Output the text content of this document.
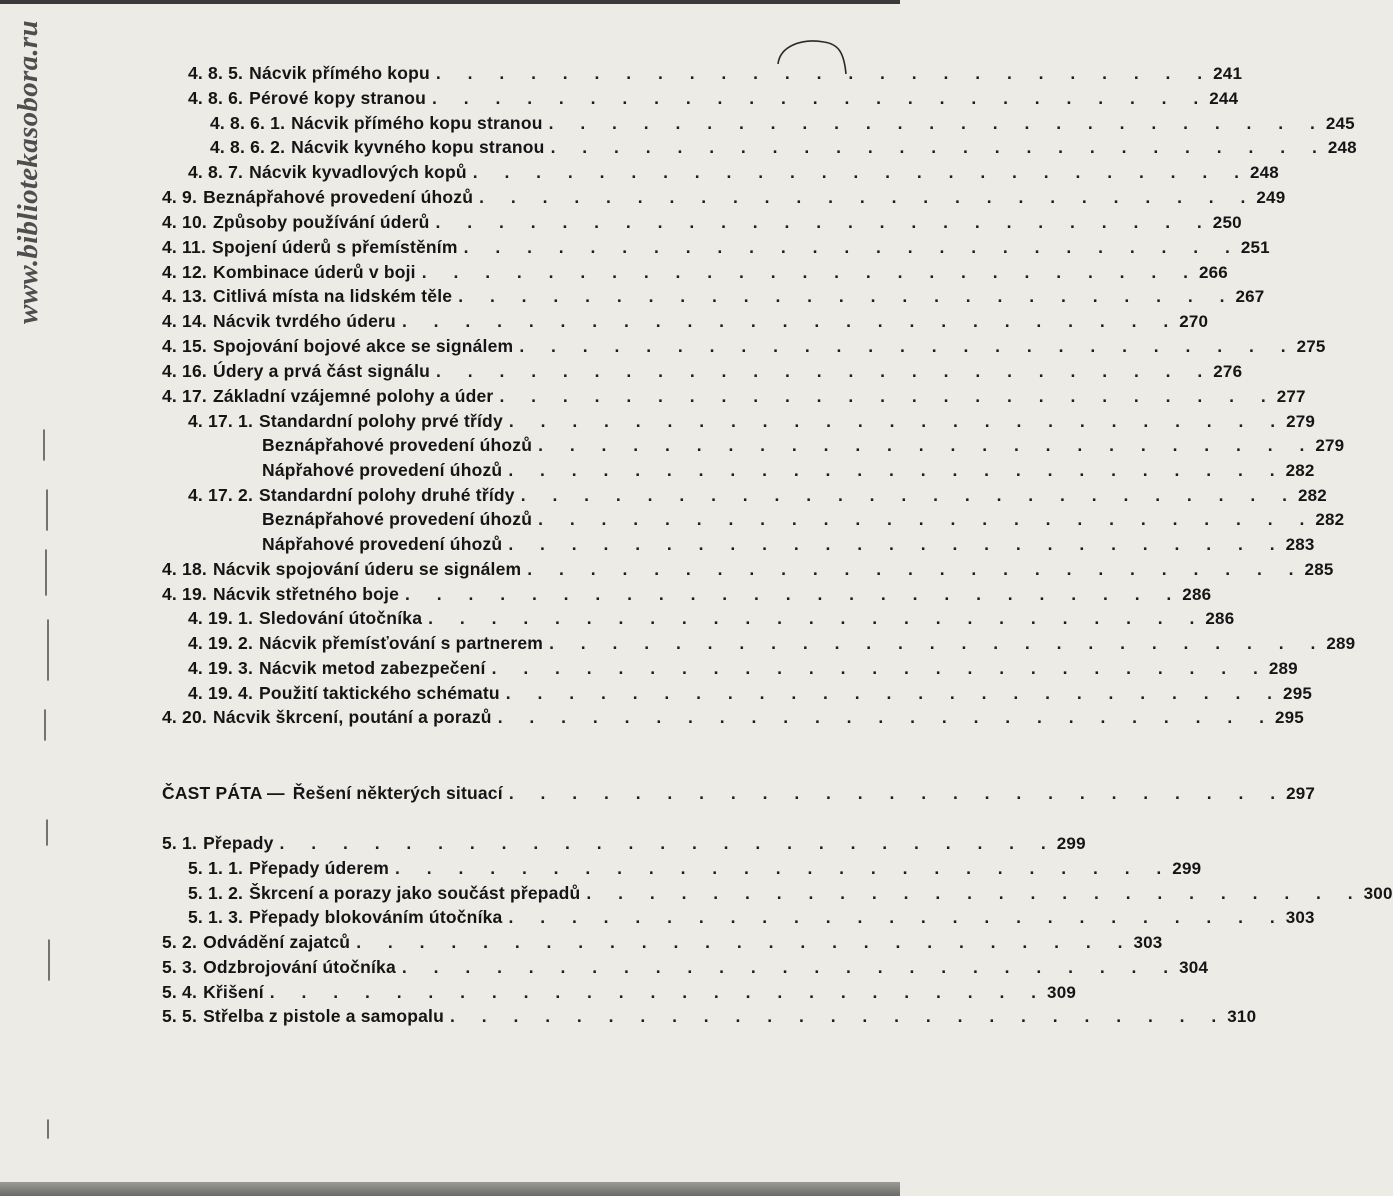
www.bibliotekasobora.ru	4. 8. 5. Nácvik přímého kopu . . . . . . . . . . . . . . . . . . . . . . . . . 241
4. 8. 6. Pérové kopy stranou . . . . . . . . . . . . . . . . . . . . . . . . . 244
4. 8. 6. 1. Nácvik přímého kopu stranou . . . . . . . . . . . . . . . . . . . . . . . . . 245
4. 8. 6. 2. Nácvik kyvného kopu stranou . . . . . . . . . . . . . . . . . . . . . . . . . 248
4. 8. 7. Nácvik kyvadlových kopů . . . . . . . . . . . . . . . . . . . . . . . . . 248
4. 9. Beznápřahové provedení úhozů . . . . . . . . . . . . . . . . . . . . . . . . . 249
4. 10. Způsoby používání úderů . . . . . . . . . . . . . . . . . . . . . . . . . 250
4. 11. Spojení úderů s přemístěním . . . . . . . . . . . . . . . . . . . . . . . . . 251
4. 12. Kombinace úderů v boji . . . . . . . . . . . . . . . . . . . . . . . . . 266
4. 13. Citlivá místa na lidském těle . . . . . . . . . . . . . . . . . . . . . . . . . 267
4. 14. Nácvik tvrdého úderu . . . . . . . . . . . . . . . . . . . . . . . . . 270
4. 15. Spojování bojové akce se signálem . . . . . . . . . . . . . . . . . . . . . . . . . 275
4. 16. Údery a prvá část signálu . . . . . . . . . . . . . . . . . . . . . . . . . 276
4. 17. Základní vzájemné polohy a úder . . . . . . . . . . . . . . . . . . . . . . . . . 277
4. 17. 1. Standardní polohy prvé třídy . . . . . . . . . . . . . . . . . . . . . . . . . 279
Beznápřahové provedení úhozů . . . . . . . . . . . . . . . . . . . . . . . . . 279
Nápřahové provedení úhozů . . . . . . . . . . . . . . . . . . . . . . . . . 282
4. 17. 2. Standardní polohy druhé třídy . . . . . . . . . . . . . . . . . . . . . . . . . 282
Beznápřahové provedení úhozů . . . . . . . . . . . . . . . . . . . . . . . . . 282
Nápřahové provedení úhozů . . . . . . . . . . . . . . . . . . . . . . . . . 283
4. 18. Nácvik spojování úderu se signálem . . . . . . . . . . . . . . . . . . . . . . . . . 285
4. 19. Nácvik střetného boje . . . . . . . . . . . . . . . . . . . . . . . . . 286
4. 19. 1. Sledování útočníka . . . . . . . . . . . . . . . . . . . . . . . . . 286
4. 19. 2. Nácvik přemísťování s partnerem . . . . . . . . . . . . . . . . . . . . . . . . . 289
4. 19. 3. Nácvik metod zabezpečení . . . . . . . . . . . . . . . . . . . . . . . . . 289
4. 19. 4. Použití taktického schématu . . . . . . . . . . . . . . . . . . . . . . . . . 295
4. 20. Nácvik škrcení, poutání a porazů . . . . . . . . . . . . . . . . . . . . . . . . . 295
ČAST PÁTA — Řešení některých situací . . . . . . . . . . . . . . . . . . . . . . . . . 297
5. 1. Přepady . . . . . . . . . . . . . . . . . . . . . . . . . 299
5. 1. 1. Přepady úderem . . . . . . . . . . . . . . . . . . . . . . . . . 299
5. 1. 2. Škrcení a porazy jako součást přepadů . . . . . . . . . . . . . . . . . . . . . . . . . 300
5. 1. 3. Přepady blokováním útočníka . . . . . . . . . . . . . . . . . . . . . . . . . 303
5. 2. Odvádění zajatců . . . . . . . . . . . . . . . . . . . . . . . . . 303
5. 3. Odzbrojování útočníka . . . . . . . . . . . . . . . . . . . . . . . . . 304
5. 4. Křišení . . . . . . . . . . . . . . . . . . . . . . . . . 309
5. 5. Střelba z pistole a samopalu . . . . . . . . . . . . . . . . . . . . . . . . . 310
